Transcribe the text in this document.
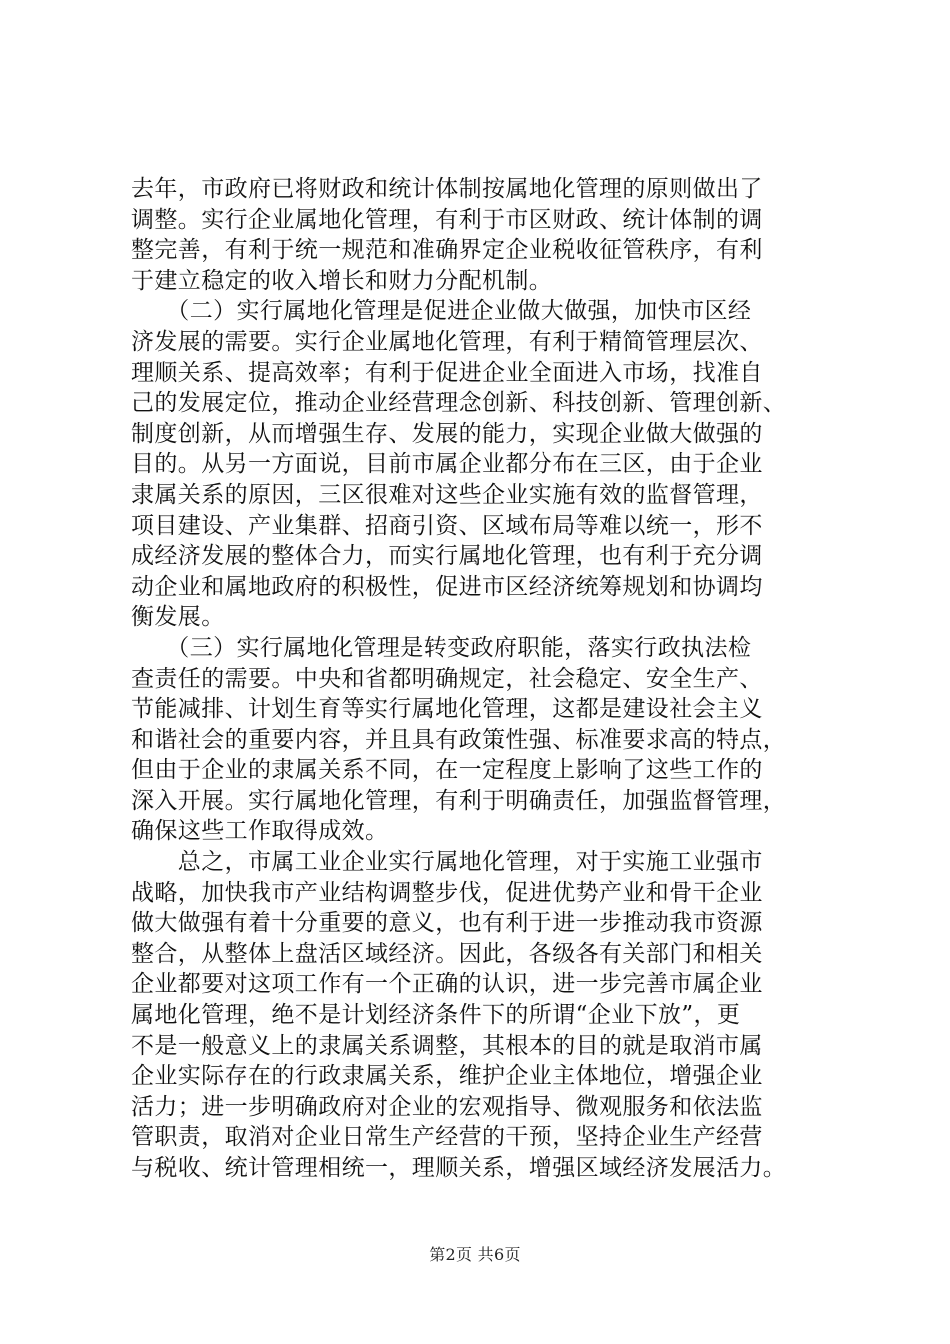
去年，市政府已将财政和统计体制按属地化管理的原则做出了
调整。实行企业属地化管理，有利于市区财政、统计体制的调
整完善，有利于统一规范和准确界定企业税收征管秩序，有利
于建立稳定的收入增长和财力分配机制。
　　（二）实行属地化管理是促进企业做大做强，加快市区经
济发展的需要。实行企业属地化管理，有利于精简管理层次、
理顺关系、提高效率；有利于促进企业全面进入市场，找准自
己的发展定位，推动企业经营理念创新、科技创新、管理创新、
制度创新，从而增强生存、发展的能力，实现企业做大做强的
目的。从另一方面说，目前市属企业都分布在三区，由于企业
隶属关系的原因，三区很难对这些企业实施有效的监督管理，
项目建设、产业集群、招商引资、区域布局等难以统一，形不
成经济发展的整体合力，而实行属地化管理，也有利于充分调
动企业和属地政府的积极性，促进市区经济统筹规划和协调均
衡发展。
　　（三）实行属地化管理是转变政府职能，落实行政执法检
查责任的需要。中央和省都明确规定，社会稳定、安全生产、
节能减排、计划生育等实行属地化管理，这都是建设社会主义
和谐社会的重要内容，并且具有政策性强、标准要求高的特点，
但由于企业的隶属关系不同，在一定程度上影响了这些工作的
深入开展。实行属地化管理，有利于明确责任，加强监督管理，
确保这些工作取得成效。
　　总之，市属工业企业实行属地化管理，对于实施工业强市
战略，加快我市产业结构调整步伐，促进优势产业和骨干企业
做大做强有着十分重要的意义，也有利于进一步推动我市资源
整合，从整体上盘活区域经济。因此，各级各有关部门和相关
企业都要对这项工作有一个正确的认识，进一步完善市属企业
属地化管理，绝不是计划经济条件下的所谓“企业下放”，更
不是一般意义上的隶属关系调整，其根本的目的就是取消市属
企业实际存在的行政隶属关系，维护企业主体地位，增强企业
活力；进一步明确政府对企业的宏观指导、微观服务和依法监
管职责，取消对企业日常生产经营的干预，坚持企业生产经营
与税收、统计管理相统一，理顺关系，增强区域经济发展活力。
第2页 共6页
